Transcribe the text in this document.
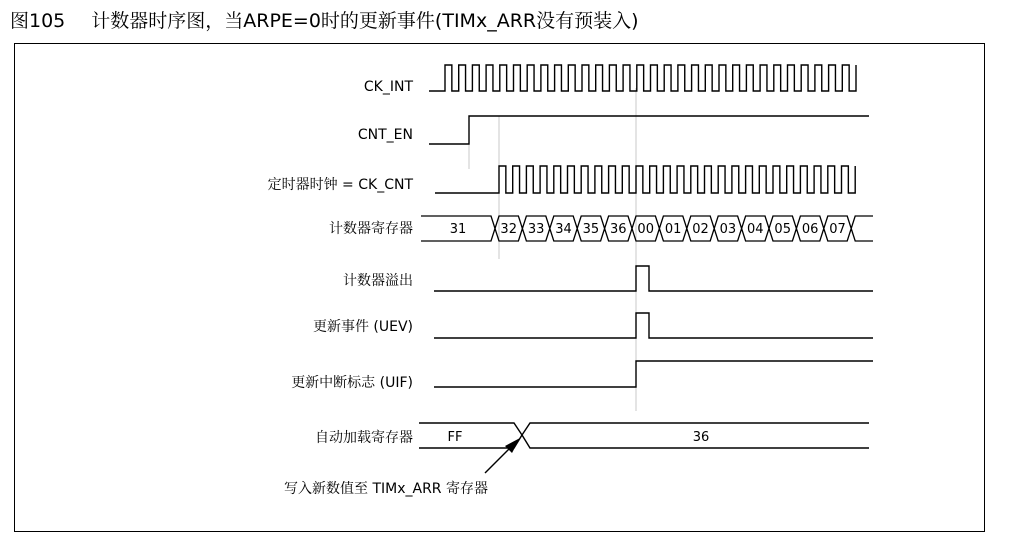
图105 计数器时序图，当ARPE=0时的更新事件(TIMx_ARR没有预装入)
CK_INT
CNT_EN
定时器时钟 = CK_CNT
计数器寄存器
计数器溢出
更新事件 (UEV)
更新中断标志 (UIF)
自动加载寄存器
31	32 33 34 35 36 00 01 02 03 04 05 06 07
FF	36
写入新数值至 TIMx_ARR 寄存器
